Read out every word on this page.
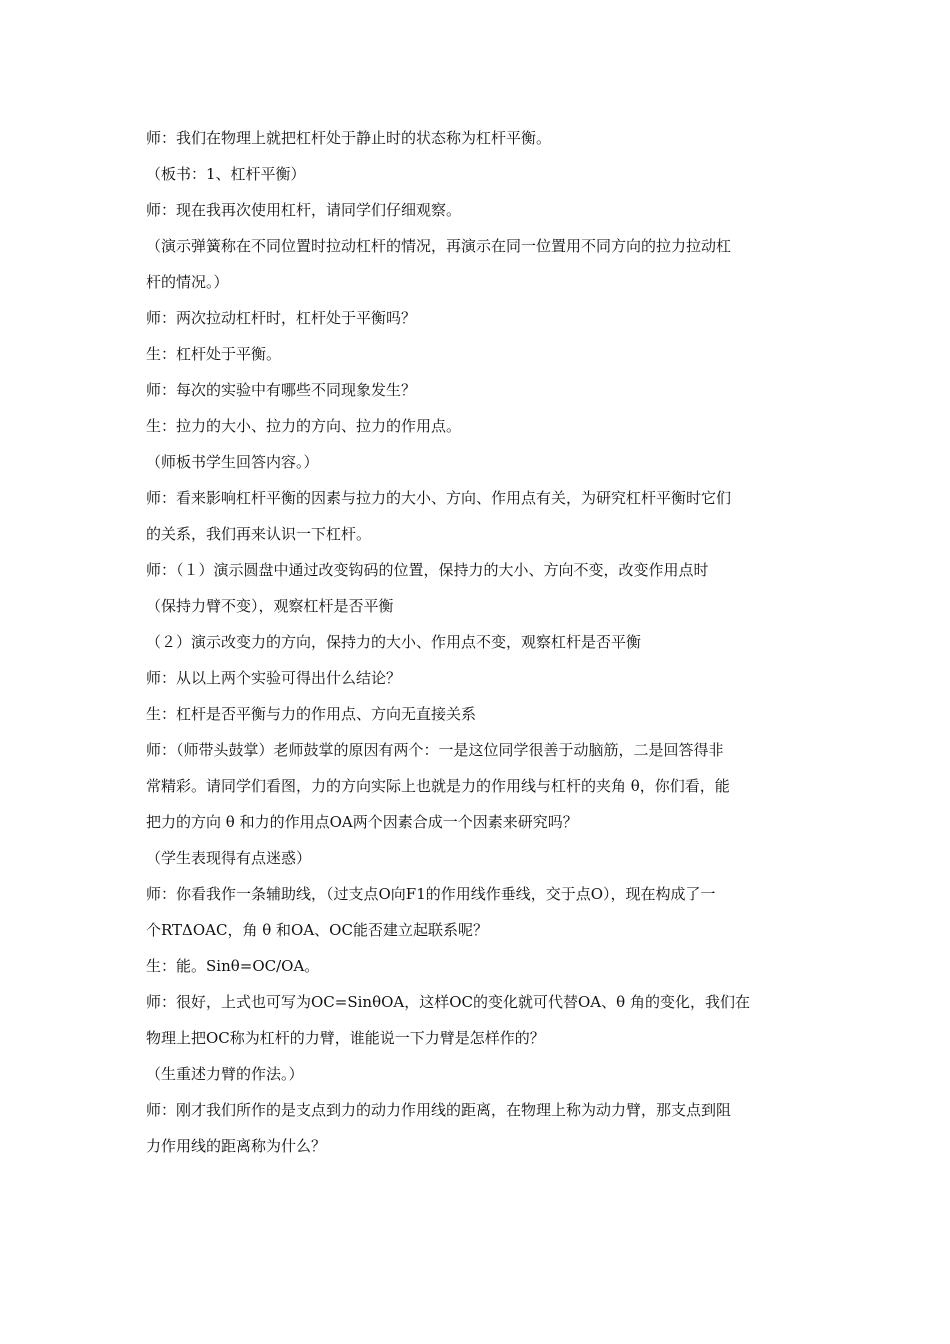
师：我们在物理上就把杠杆处于静止时的状态称为杠杆平衡。
（板书：1、杠杆平衡）
师：现在我再次使用杠杆，请同学们仔细观察。
（演示弹簧称在不同位置时拉动杠杆的情况，再演示在同一位置用不同方向的拉力拉动杠
杆的情况。）
师：两次拉动杠杆时，杠杆处于平衡吗？
生：杠杆处于平衡。
师：每次的实验中有哪些不同现象发生？
生：拉力的大小、拉力的方向、拉力的作用点。
（师板书学生回答内容。）
师：看来影响杠杆平衡的因素与拉力的大小、方向、作用点有关，为研究杠杆平衡时它们
的关系，我们再来认识一下杠杆。
师：（１）演示圆盘中通过改变钩码的位置，保持力的大小、方向不变，改变作用点时
（保持力臂不变），观察杠杆是否平衡
（２）演示改变力的方向，保持力的大小、作用点不变，观察杠杆是否平衡
师：从以上两个实验可得出什么结论？
生：杠杆是否平衡与力的作用点、方向无直接关系
师：（师带头鼓掌）老师鼓掌的原因有两个：一是这位同学很善于动脑筋，二是回答得非
常精彩。请同学们看图，力的方向实际上也就是力的作用线与杠杆的夹角 θ，你们看，能
把力的方向 θ 和力的作用点OA两个因素合成一个因素来研究吗？
（学生表现得有点迷惑）
师：你看我作一条辅助线，（过支点O向F1的作用线作垂线，交于点O），现在构成了一
个RTΔOAC，角 θ 和OA、OC能否建立起联系呢？
生：能。Sinθ=OC/OA。
师：很好，上式也可写为OC=SinθOA，这样OC的变化就可代替OA、θ 角的变化，我们在
物理上把OC称为杠杆的力臂，谁能说一下力臂是怎样作的？
（生重述力臂的作法。）
师：刚才我们所作的是支点到力的动力作用线的距离，在物理上称为动力臂，那支点到阻
力作用线的距离称为什么？
